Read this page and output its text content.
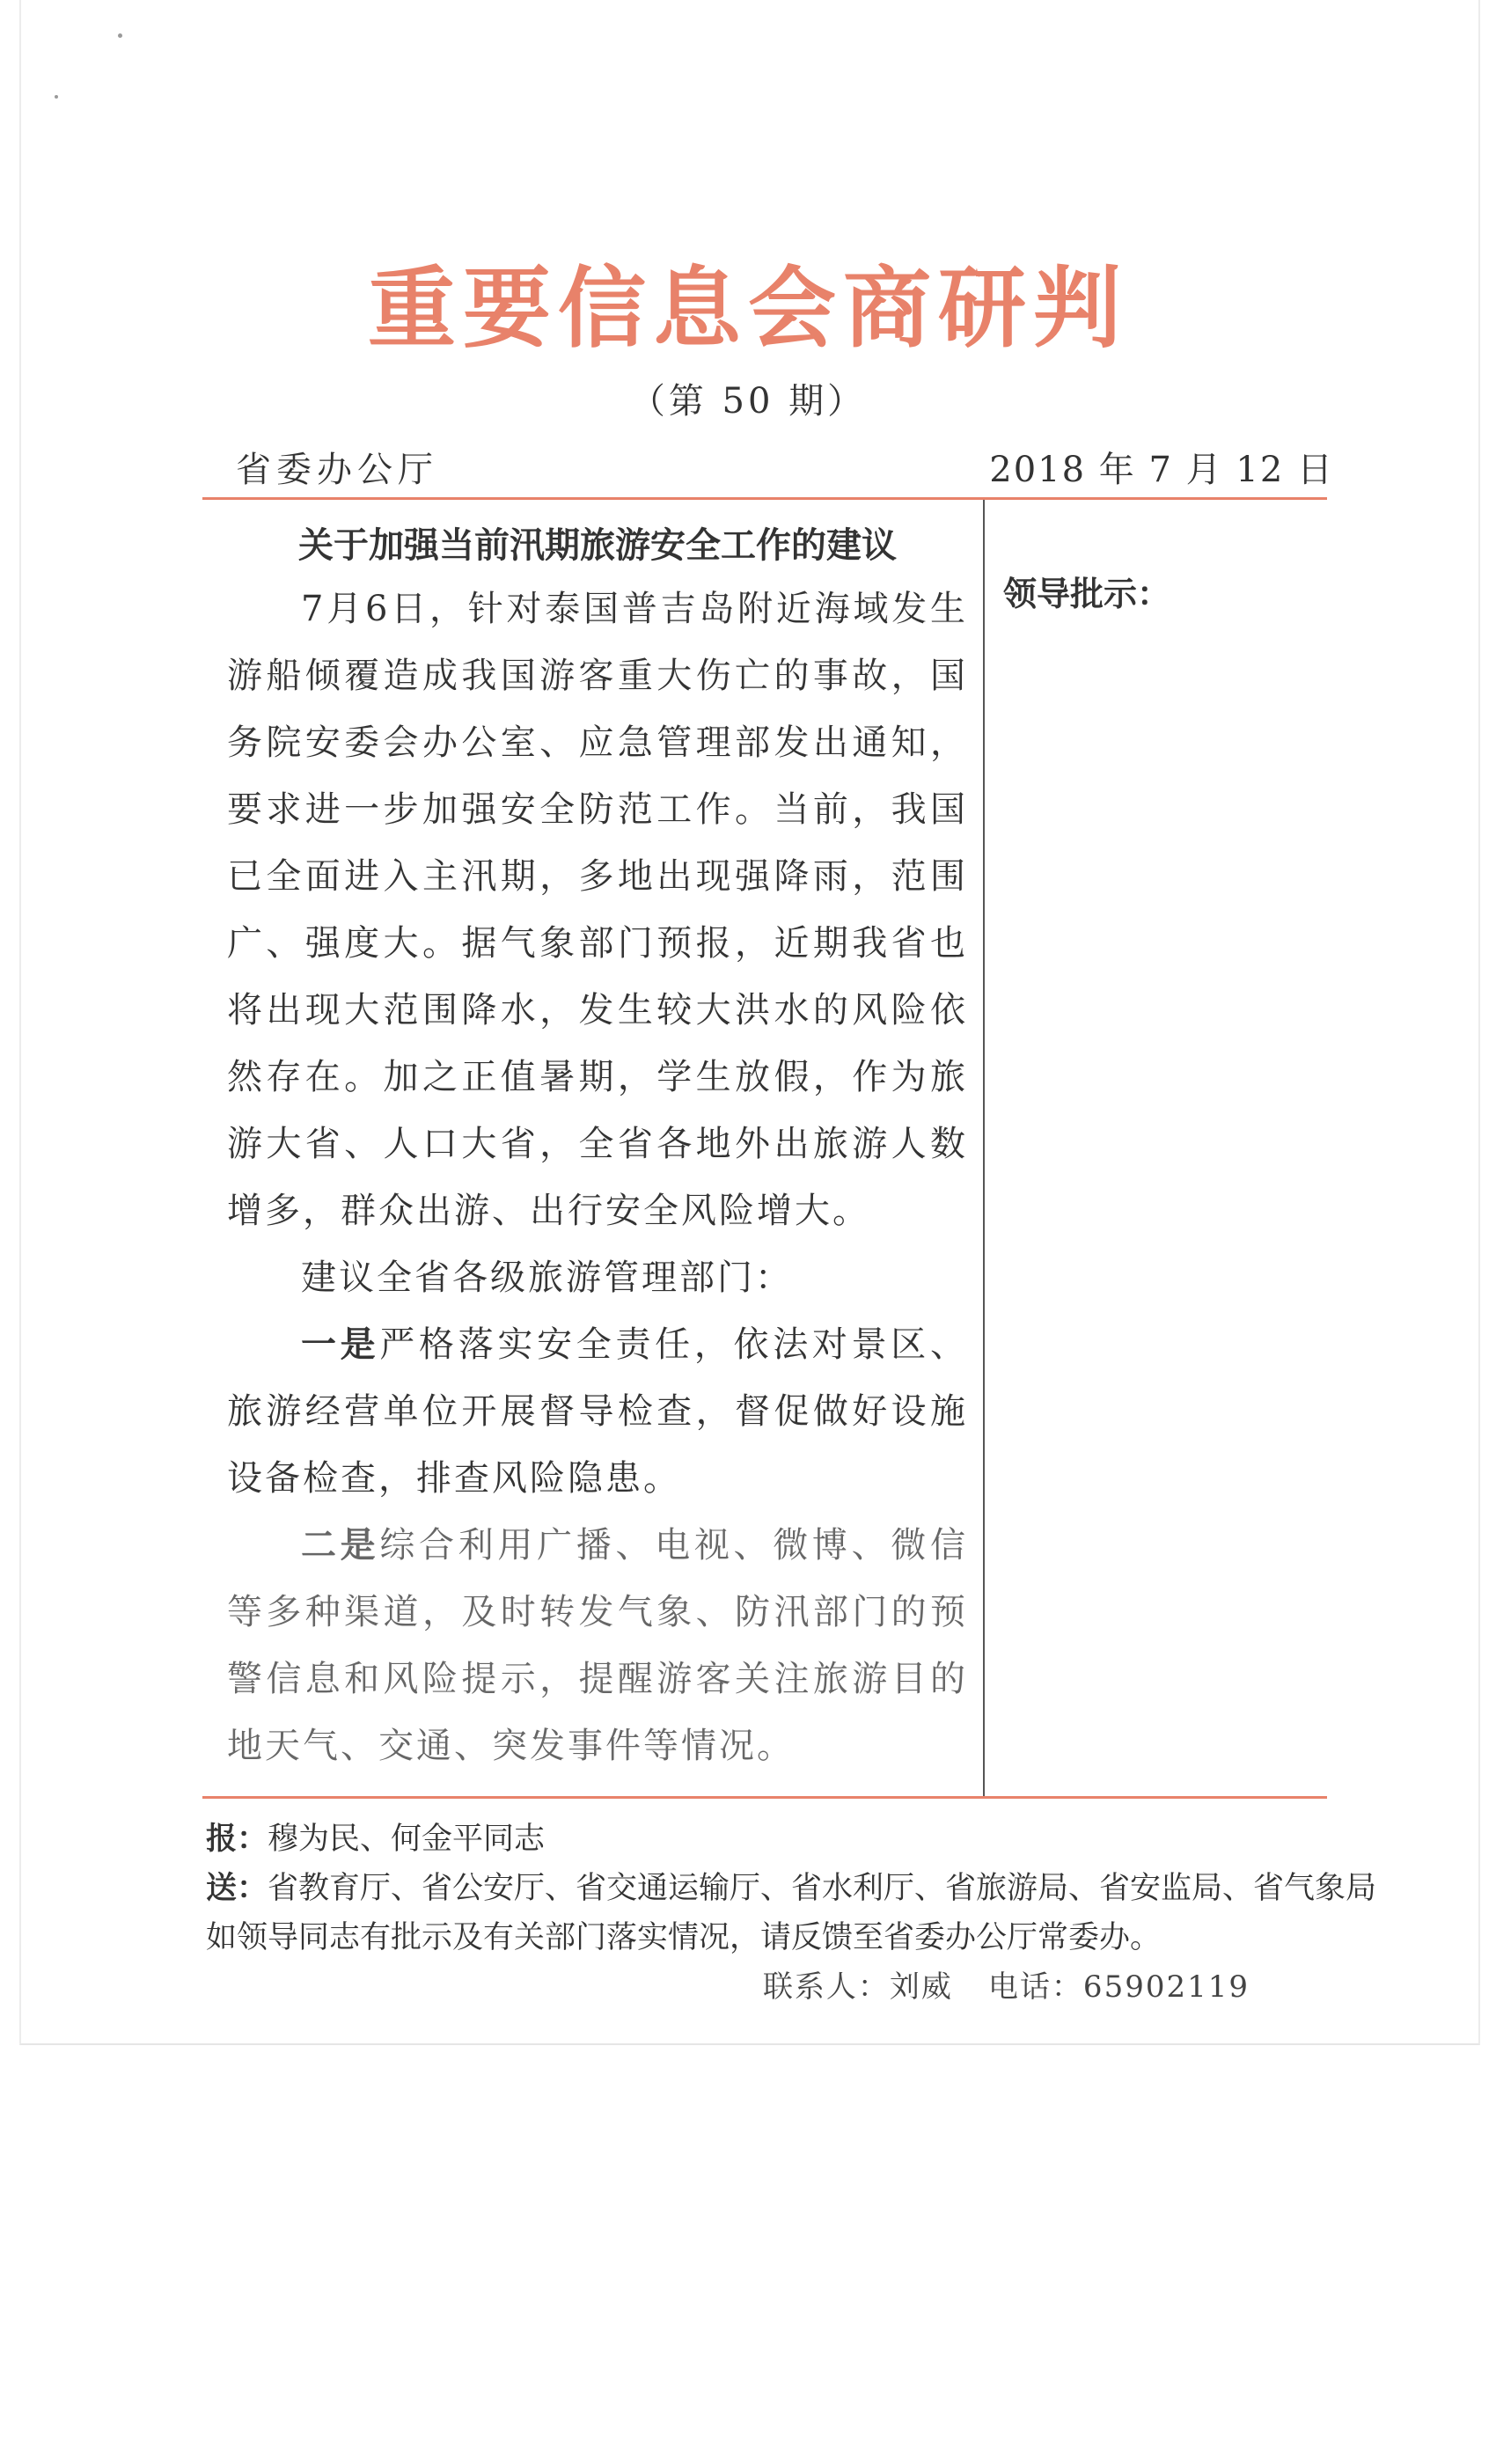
重要信息会商研判
（第 50 期）
省委办公厅	2018 年 7 月 12 日
关于加强当前汛期旅游安全工作的建议

7月6日，针对泰国普吉岛附近海域发生游船倾覆造成我国游客重大伤亡的事故，国务院安委会办公室、应急管理部发出通知，要求进一步加强安全防范工作。当前，我国已全面进入主汛期，多地出现强降雨，范围广、强度大。据气象部门预报，近期我省也将出现大范围降水，发生较大洪水的风险依然存在。加之正值暑期，学生放假，作为旅游大省、人口大省，全省各地外出旅游人数增多，群众出游、出行安全风险增大。

建议全省各级旅游管理部门：

一是严格落实安全责任，依法对景区、旅游经营单位开展督导检查，督促做好设施设备检查，排查风险隐患。

二是综合利用广播、电视、微博、微信等多种渠道，及时转发气象、防汛部门的预警信息和风险提示，提醒游客关注旅游目的地天气、交通、突发事件等情况。

领导批示：
报：穆为民、何金平同志
送：省教育厅、省公安厅、省交通运输厅、省水利厅、省旅游局、省安监局、省气象局
如领导同志有批示及有关部门落实情况，请反馈至省委办公厅常委办。
联系人：刘威 电话：65902119
